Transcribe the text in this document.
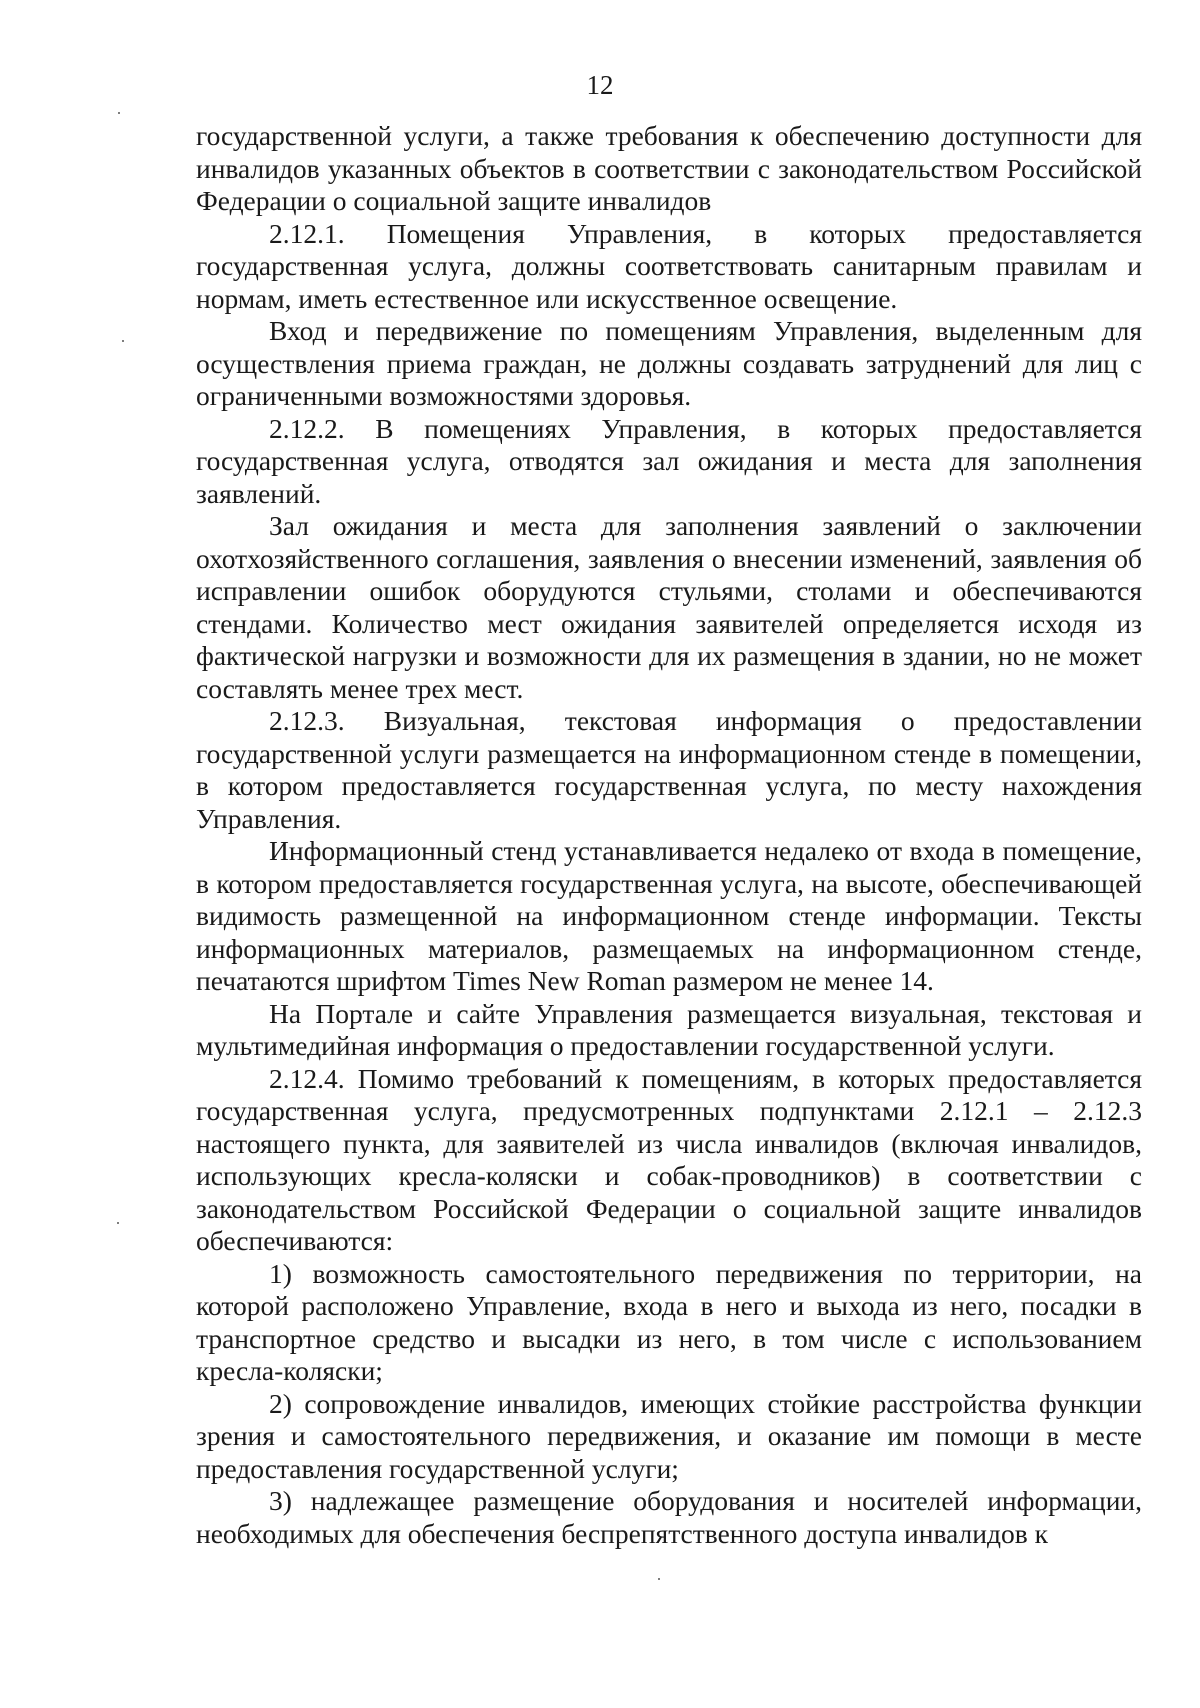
12

государственной услуги, а также требования к обеспечению доступности для инвалидов указанных объектов в соответствии с законодательством Российской Федерации о социальной защите инвалидов

2.12.1. Помещения Управления, в которых предоставляется государственная услуга, должны соответствовать санитарным правилам и нормам, иметь естественное или искусственное освещение.

Вход и передвижение по помещениям Управления, выделенным для осуществления приема граждан, не должны создавать затруднений для лиц с ограниченными возможностями здоровья.

2.12.2. В помещениях Управления, в которых предоставляется государственная услуга, отводятся зал ожидания и места для заполнения заявлений.

Зал ожидания и места для заполнения заявлений о заключении охотхозяйственного соглашения, заявления о внесении изменений, заявления об исправлении ошибок оборудуются стульями, столами и обеспечиваются стендами. Количество мест ожидания заявителей определяется исходя из фактической нагрузки и возможности для их размещения в здании, но не может составлять менее трех мест.

2.12.3. Визуальная, текстовая информация о предоставлении государственной услуги размещается на информационном стенде в помещении, в котором предоставляется государственная услуга, по месту нахождения Управления.

Информационный стенд устанавливается недалеко от входа в помещение, в котором предоставляется государственная услуга, на высоте, обеспечивающей видимость размещенной на информационном стенде информации. Тексты информационных материалов, размещаемых на информационном стенде, печатаются шрифтом Times New Roman размером не менее 14.

На Портале и сайте Управления размещается визуальная, текстовая и мультимедийная информация о предоставлении государственной услуги.

2.12.4. Помимо требований к помещениям, в которых предоставляется государственная услуга, предусмотренных подпунктами 2.12.1 – 2.12.3 настоящего пункта, для заявителей из числа инвалидов (включая инвалидов, использующих кресла-коляски и собак-проводников) в соответствии с законодательством Российской Федерации о социальной защите инвалидов обеспечиваются:

1) возможность самостоятельного передвижения по территории, на которой расположено Управление, входа в него и выхода из него, посадки в транспортное средство и высадки из него, в том числе с использованием кресла-коляски;

2) сопровождение инвалидов, имеющих стойкие расстройства функции зрения и самостоятельного передвижения, и оказание им помощи в месте предоставления государственной услуги;

3) надлежащее размещение оборудования и носителей информации, необходимых для обеспечения беспрепятственного доступа инвалидов к
